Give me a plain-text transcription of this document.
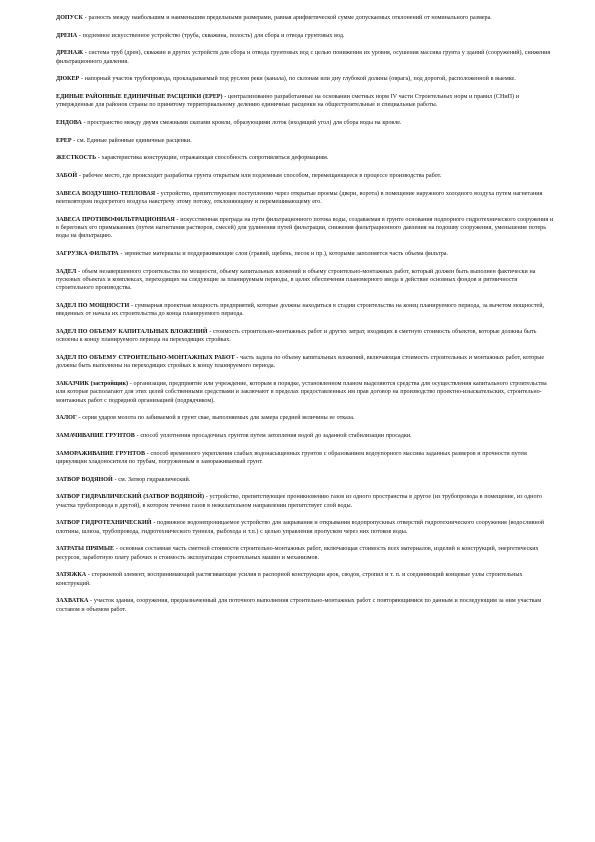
ДОПУСК - разность между наибольшим и наименьшим предельными размерами, равная арифметической сумме допускаемых отклонений от номинального размера.

ДРЕНА - подземное искусственное устройство (труба, скважина, полость) для сбора и отвода грунтовых вод.

ДРЕНАЖ - система труб (дрен), скважин и других устройств для сбора и отвода грунтовых вод с целью понижения их уровня, осушения массива грунта у зданий (сооружений), снижения фильтрационного давления.

ДЮКЕР - напорный участок трубопровода, прокладываемый под руслом реки (канала), по склонам или дну глубокой долины (оврага), под дорогой, расположенной в выемке.

ЕДИНЫЕ РАЙОННЫЕ ЕДИНИЧНЫЕ РАСЦЕНКИ (ЕРЕР) - централизованно разработанные на основании сметных норм IV части Строительных норм и правил (СНиП) и утвержденные для районов страны по принятому территориальному делению единичные расценки на общестроительные и специальные работы.

ЕНДОВА - пространство между двумя смежными скатами кровли, образующими лоток (входящий угол) для сбора воды на кровле.

ЕРЕР - см. Единые районные единичные расценки.

ЖЕСТКОСТЬ - характеристика конструкции, отражающая способность сопротивляться деформациям.

ЗАБОЙ - рабочее место, где происходит разработка грунта открытым или подземным способом, перемещающееся в процессе производства работ.

ЗАВЕСА ВОЗДУШНО-ТЕПЛОВАЯ - устройство, препятствующее поступлению через открытые проемы (двери, ворота) в помещение наружного холодного воздуха путем нагнетания вентилятором подогретого воздуха навстречу этому потоку, отклоняющему и перемешивающему его.

ЗАВЕСА ПРОТИВОФИЛЬТРАЦИОННАЯ - искусственная преграда на пути фильтрационного потока воды, создаваемая в грунте основания подпорного гидротехнического сооружения и в береговых его примыканиях (путем нагнетания растворов, смесей) для удлинения путей фильтрации, снижения фильтрационного давления на подошву сооружения, уменьшения потерь воды на фильтрацию.

ЗАГРУЗКА ФИЛЬТРА - зернистые материалы и поддерживающие слои (гравий, щебень, песок и пр.), которыми заполняется часть объема фильтра.

ЗАДЕЛ - объем незавершенного строительства по мощности, объему капитальных вложений и объему строительно-монтажных работ, который должен быть выполнен фактически на пусковых объектах и комплексах, переходящих на следующие за планируемым периоды, в целях обеспечения планомерного ввода в действие основных фондов и ритмичности строительного производства.

ЗАДЕЛ ПО МОЩНОСТИ - суммарная проектная мощность предприятий, которые должны находиться в стадии строительства на конец планируемого периода, за вычетом мощностей, введенных от начала их строительства до конца планируемого периода.

ЗАДЕЛ ПО ОБЪЕМУ КАПИТАЛЬНЫХ ВЛОЖЕНИЙ - стоимость строительно-монтажных работ и других затрат, входящих в сметную стоимость объектов, которые должны быть освоены к концу планируемого периода на переходящих стройках.

ЗАДЕЛ ПО ОБЪЕМУ СТРОИТЕЛЬНО-МОНТАЖНЫХ РАБОТ - часть задела по объему капитальных вложений, включающая стоимость строительных и монтажных работ, которые должны быть выполнены на переходящих стройках к концу планируемого периода.

ЗАКАЗЧИК (застройщик) - организация, предприятие или учреждение, которым в порядке, установленном планом выделяются средства для осуществления капитального строительства или которые располагают для этих целей собственными средствами и заключают в пределах предоставленных им прав договор на производство проектно-изыскательских, строительно-монтажных работ с подрядной организацией (подрядчиком).

ЗАЛОГ - серия ударов молота по забиваемой в грунт свае, выполняемых для замера средней величины ее отказа.

ЗАМАЧИВАНИЕ ГРУНТОВ - способ уплотнения просадочных грунтов путем затопления водой до заданной стабилизации просадки.

ЗАМОРАЖИВАНИЕ ГРУНТОВ - способ временного укрепления слабых водонасыщенных грунтов с образованием водоупорного массива заданных размеров и прочности путем циркуляции хладоносителя по трубам, погруженным в замораживаемый грунт.

ЗАТВОР ВОДЯНОЙ - см. Затвор гидравлический.

ЗАТВОР ГИДРАВЛИЧЕСКИЙ (ЗАТВОР ВОДЯНОЙ) - устройство, препятствующее проникновению газов из одного пространства в другое (из трубопровода в помещение, из одного участка трубопровода в другой), в котором течение газов в нежелательном направлении препятствует слой воды.

ЗАТВОР ГИДРОТЕХНИЧЕСКИЙ - подвижное водонепроницаемое устройство для закрывания и открывания водопропускных отверстий гидротехнического сооружения (водосливной плотины, шлюза, трубопровода, гидротехнического туннеля, рыбохода и т.п.) с целью управления пропуском через них потоков воды.

ЗАТРАТЫ ПРЯМЫЕ - основная составная часть сметной стоимости строительно-монтажных работ, включающая стоимость всех материалов, изделий и конструкций, энергетических ресурсов, заработную плату рабочих и стоимость эксплуатации строительных машин и механизмов.

ЗАТЯЖКА - стержневой элемент, воспринимающий растягивающие усилия в распорной конструкции арок, сводов, стропил и т. п. и соединяющий концевые узлы строительных конструкций.

ЗАХВАТКА - участок здания, сооружения, предназначенный для поточного выполнения строительно-монтажных работ с повторяющимися по данным и последующим за ним участкам составом и объемом работ.
